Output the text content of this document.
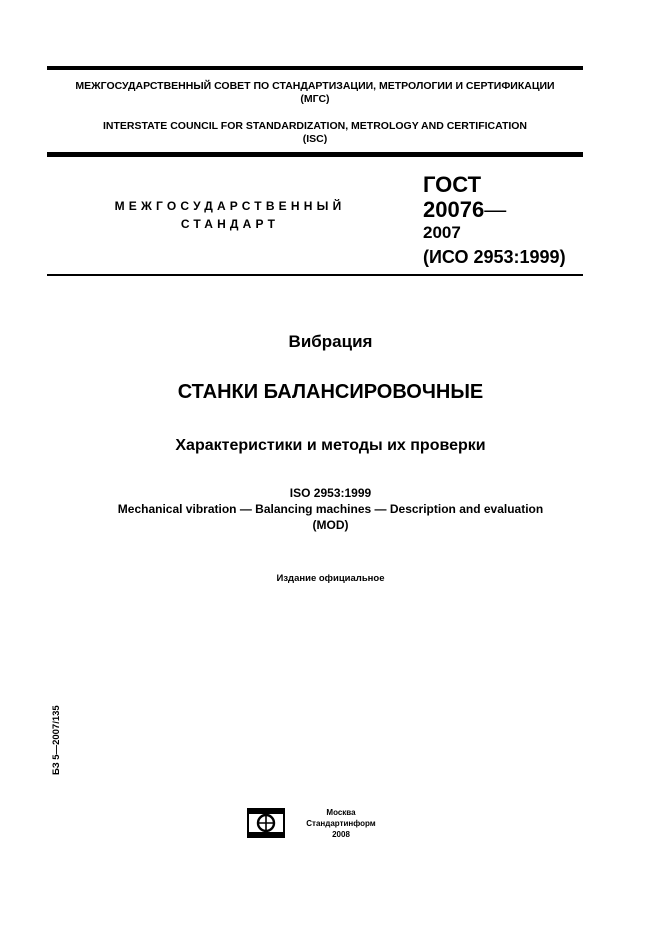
МЕЖГОСУДАРСТВЕННЫЙ СОВЕТ ПО СТАНДАРТИЗАЦИИ, МЕТРОЛОГИИ И СЕРТИФИКАЦИИ
(МГС)
INTERSTATE COUNCIL FOR STANDARDIZATION, METROLOGY AND CERTIFICATION
(ISC)
МЕЖГОСУДАРСТВЕННЫЙ
СТАНДАРТ
ГОСТ
20076—
2007
(ИСО 2953:1999)
Вибрация
СТАНКИ БАЛАНСИРОВОЧНЫЕ
Характеристики и методы их проверки
ISO 2953:1999
Mechanical vibration — Balancing machines — Description and evaluation
(MOD)
Издание официальное
БЗ 5—2007/135
Москва
Стандартинформ
2008
